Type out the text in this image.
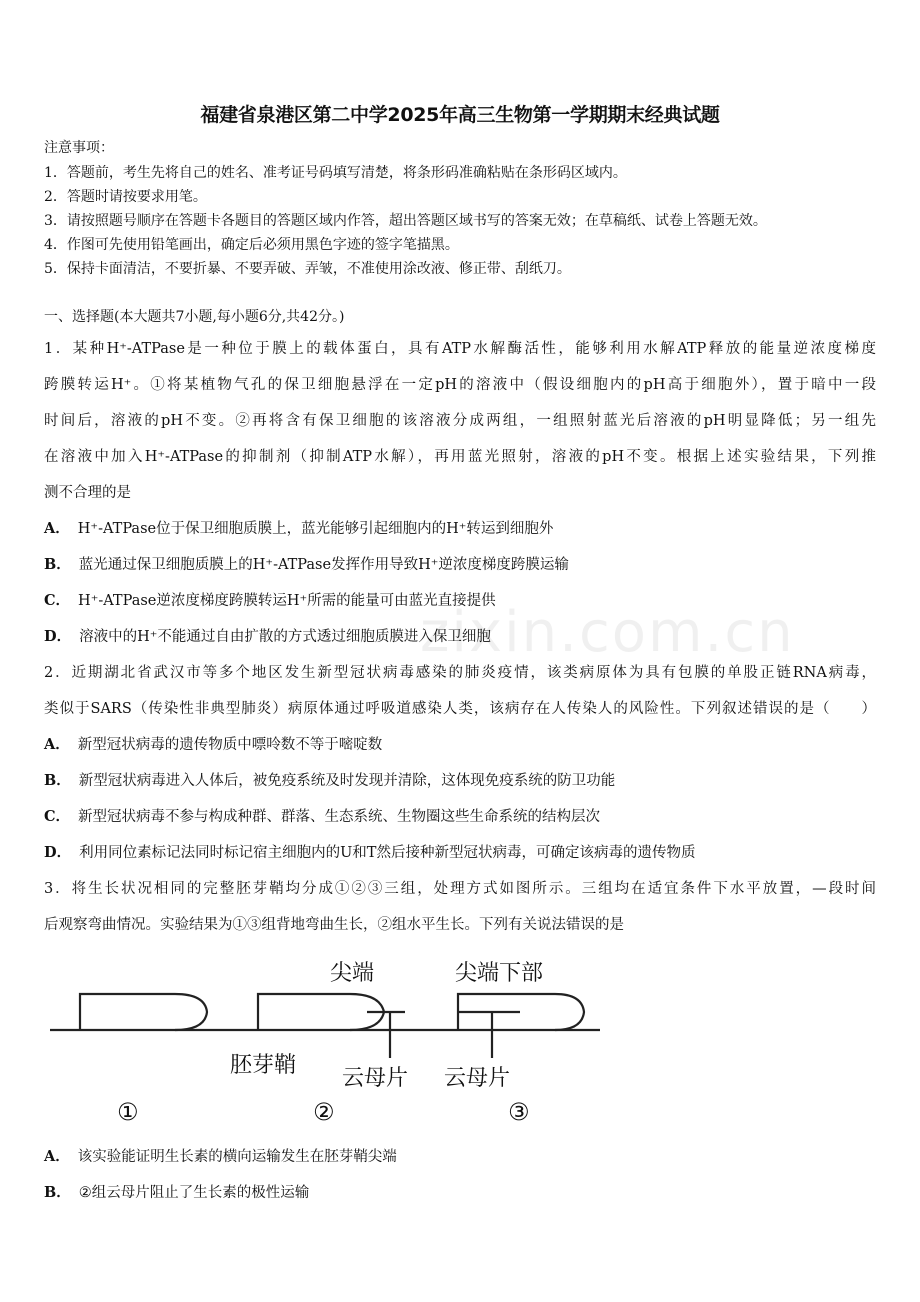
福建省泉港区第二中学2025年高三生物第一学期期末经典试题
注意事项：
1．答题前，考生先将自己的姓名、准考证号码填写清楚，将条形码准确粘贴在条形码区域内。
2．答题时请按要求用笔。
3．请按照题号顺序在答题卡各题目的答题区域内作答，超出答题区域书写的答案无效；在草稿纸、试卷上答题无效。
4．作图可先使用铅笔画出，确定后必须用黑色字迹的签字笔描黑。
5．保持卡面清洁，不要折暴、不要弄破、弄皱，不准使用涂改液、修正带、刮纸刀。
一、选择题(本大题共7小题,每小题6分,共42分。)
1．某种H⁺-ATPase是一种位于膜上的载体蛋白，具有ATP水解酶活性，能够利用水解ATP释放的能量逆浓度梯度
跨膜转运H⁺。①将某植物气孔的保卫细胞悬浮在一定pH的溶液中（假设细胞内的pH高于细胞外），置于暗中一段
时间后，溶液的pH不变。②再将含有保卫细胞的该溶液分成两组，一组照射蓝光后溶液的pH明显降低；另一组先
在溶液中加入H⁺-ATPase的抑制剂（抑制ATP水解），再用蓝光照射，溶液的pH不变。根据上述实验结果，下列推
测不合理的是
A． H⁺-ATPase位于保卫细胞质膜上，蓝光能够引起细胞内的H⁺转运到细胞外
B． 蓝光通过保卫细胞质膜上的H⁺-ATPase发挥作用导致H⁺逆浓度梯度跨膜运输
C． H⁺-ATPase逆浓度梯度跨膜转运H⁺所需的能量可由蓝光直接提供
D． 溶液中的H⁺不能通过自由扩散的方式透过细胞质膜进入保卫细胞
2．近期湖北省武汉市等多个地区发生新型冠状病毒感染的肺炎疫情，该类病原体为具有包膜的单股正链RNA病毒，
类似于SARS（传染性非典型肺炎）病原体通过呼吸道感染人类，该病存在人传染人的风险性。下列叙述错误的是（　　）
A． 新型冠状病毒的遗传物质中嘌呤数不等于嘧啶数
B． 新型冠状病毒进入人体后，被免疫系统及时发现并清除，这体现免疫系统的防卫功能
C． 新型冠状病毒不参与构成种群、群落、生态系统、生物圈这些生命系统的结构层次
D． 利用同位素标记法同时标记宿主细胞内的U和T然后接种新型冠状病毒，可确定该病毒的遗传物质
3．将生长状况相同的完整胚芽鞘均分成①②③三组，处理方式如图所示。三组均在适宜条件下水平放置，—段时间
后观察弯曲情况。实验结果为①③组背地弯曲生长，②组水平生长。下列有关说法错误的是
尖端	尖端下部
胚芽鞘
云母片 云母片
①	②	③
A． 该实验能证明生长素的横向运输发生在胚芽鞘尖端
B． ②组云母片阻止了生长素的极性运输
zixin.com.cn
